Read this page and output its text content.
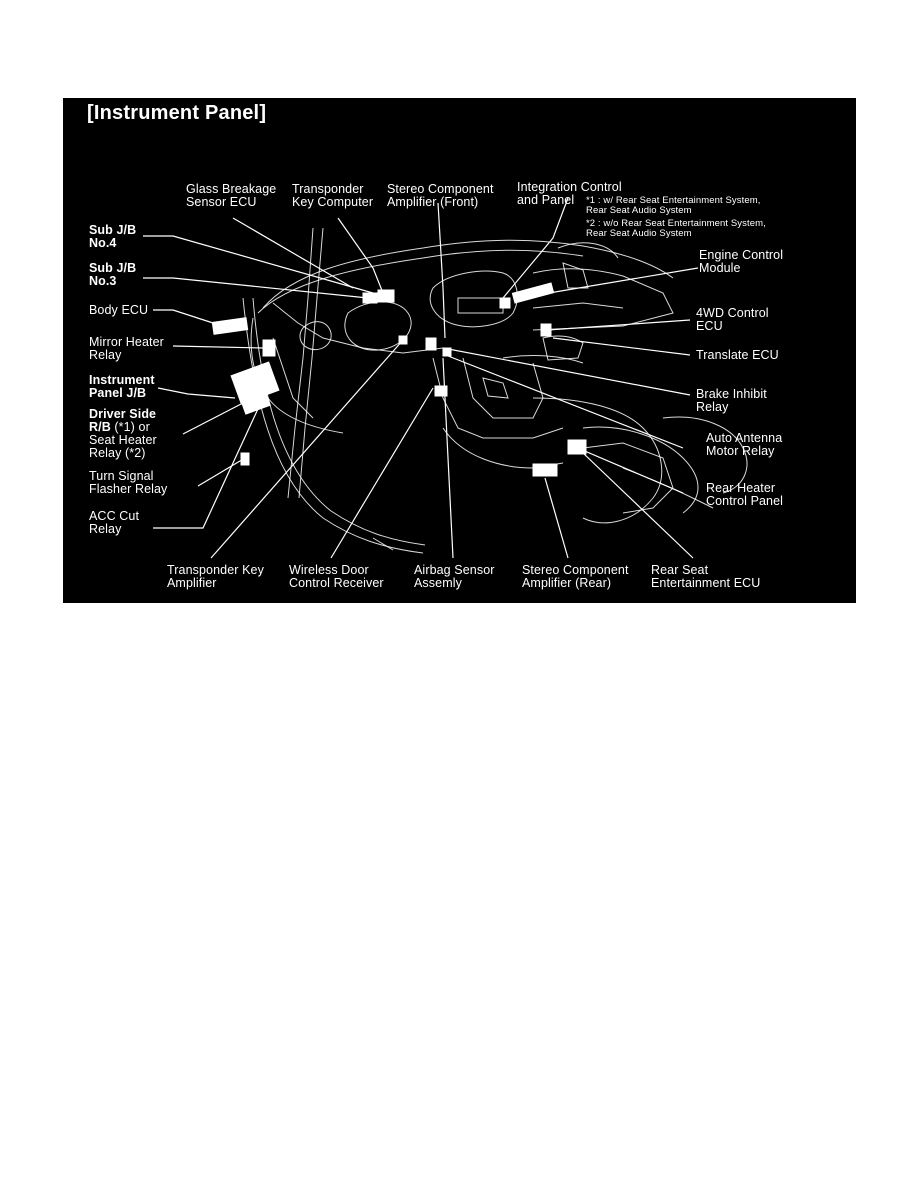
[Instrument Panel]
Glass Breakage
Sensor ECU
Transponder
Key Computer
Stereo Component
Amplifier (Front)
Integration Control
and Panel	*1 : w/ Rear Seat Entertainment System,
Rear Seat Audio System
*2 : w/o Rear Seat Entertainment System,
Rear Seat Audio System
Sub J/B
No.4
Sub J/B
No.3
Body ECU
Mirror Heater
Relay
Instrument
Panel J/B
Driver Side
R/B (*1) or
Seat Heater
Relay (*2)
Turn Signal
Flasher Relay
ACC Cut
Relay
Engine Control
Module
4WD Control
ECU
Translate ECU
Brake Inhibit
Relay
Auto Antenna
Motor Relay
Rear Heater
Control Panel
Transponder Key
Amplifier
Wireless Door
Control Receiver
Airbag Sensor
Assemly
Stereo Component
Amplifier (Rear)
Rear Seat
Entertainment ECU
